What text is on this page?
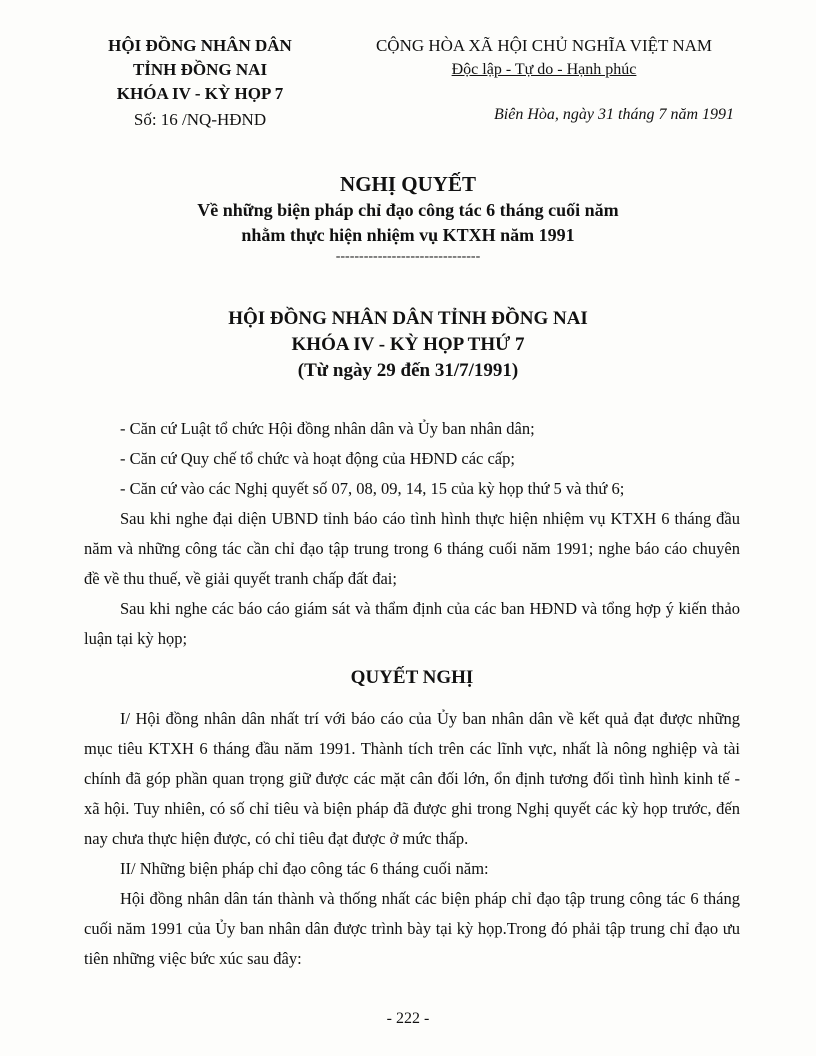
HỘI ĐỒNG NHÂN DÂN
TỈNH ĐỒNG NAI
KHÓA IV - KỲ HỌP 7
Số: 16 /NQ-HĐND
CỘNG HÒA XÃ HỘI CHỦ NGHĨA VIỆT NAM
Độc lập - Tự do - Hạnh phúc
Biên Hòa, ngày 31 tháng 7 năm 1991
NGHỊ QUYẾT
Về những biện pháp chỉ đạo công tác 6 tháng cuối năm
nhằm thực hiện nhiệm vụ KTXH năm 1991
-------------------------------
HỘI ĐỒNG NHÂN DÂN TỈNH ĐỒNG NAI
KHÓA IV - KỲ HỌP THỨ 7
(Từ ngày 29 đến 31/7/1991)

- Căn cứ Luật tổ chức Hội đồng nhân dân và Ủy ban nhân dân;

- Căn cứ Quy chế tổ chức và hoạt động của HĐND các cấp;

- Căn cứ vào các Nghị quyết số 07, 08, 09, 14, 15 của kỳ họp thứ 5 và thứ 6;

Sau khi nghe đại diện UBND tỉnh báo cáo tình hình thực hiện nhiệm vụ KTXH 6 tháng đầu năm và những công tác cần chỉ đạo tập trung trong 6 tháng cuối năm 1991; nghe báo cáo chuyên đề về thu thuế, về giải quyết tranh chấp đất đai;

Sau khi nghe các báo cáo giám sát và thẩm định của các ban HĐND và tổng hợp ý kiến thảo luận tại kỳ họp;

QUYẾT NGHỊ

I/ Hội đồng nhân dân nhất trí với báo cáo của Ủy ban nhân dân về kết quả đạt được những mục tiêu KTXH 6 tháng đầu năm 1991. Thành tích trên các lĩnh vực, nhất là nông nghiệp và tài chính đã góp phần quan trọng giữ được các mặt cân đối lớn, ổn định tương đối tình hình kinh tế - xã hội. Tuy nhiên, có số chỉ tiêu và biện pháp đã được ghi trong Nghị quyết các kỳ họp trước, đến nay chưa thực hiện được, có chỉ tiêu đạt được ở mức thấp.

II/ Những biện pháp chỉ đạo công tác 6 tháng cuối năm:

Hội đồng nhân dân tán thành và thống nhất các biện pháp chỉ đạo tập trung công tác 6 tháng cuối năm 1991 của Ủy ban nhân dân được trình bày tại kỳ họp.Trong đó phải tập trung chỉ đạo ưu tiên những việc bức xúc sau đây:

- 222 -
